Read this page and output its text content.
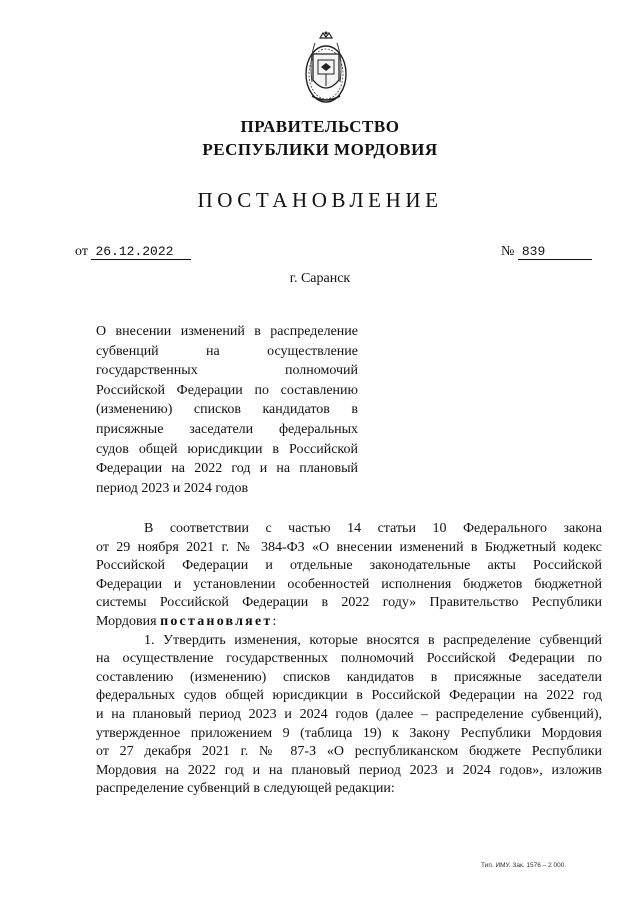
ПРАВИТЕЛЬСТВО
РЕСПУБЛИКИ МОРДОВИЯ
ПОСТАНОВЛЕНИЕ
от 26.12.2022	№ 839
г. Саранск
О внесении изменений в распределение
субвенций на осуществление
государственных полномочий
Российской Федерации по составлению
(изменению) списков кандидатов в
присяжные заседатели федеральных
судов общей юрисдикции в Российской
Федерации на 2022 год и на плановый
период 2023 и 2024 годов
В соответствии с частью 14 статьи 10 Федерального закона
от 29 ноября 2021 г. № 384-ФЗ «О внесении изменений в Бюджетный кодекс
Российской Федерации и отдельные законодательные акты Российской
Федерации и установлении особенностей исполнения бюджетов бюджетной
системы Российской Федерации в 2022 году» Правительство Республики
Мордовия постановляет:
1. Утвердить изменения, которые вносятся в распределение субвенций
на осуществление государственных полномочий Российской Федерации по
составлению (изменению) списков кандидатов в присяжные заседатели
федеральных судов общей юрисдикции в Российской Федерации на 2022 год
и на плановый период 2023 и 2024 годов (далее – распределение субвенций),
утвержденное приложением 9 (таблица 19) к Закону Республики Мордовия
от 27 декабря 2021 г. № 87-З «О республиканском бюджете Республики
Мордовия на 2022 год и на плановый период 2023 и 2024 годов», изложив
распределение субвенций в следующей редакции:
Тип. ИМУ. Зак. 1576 – 2 000.
